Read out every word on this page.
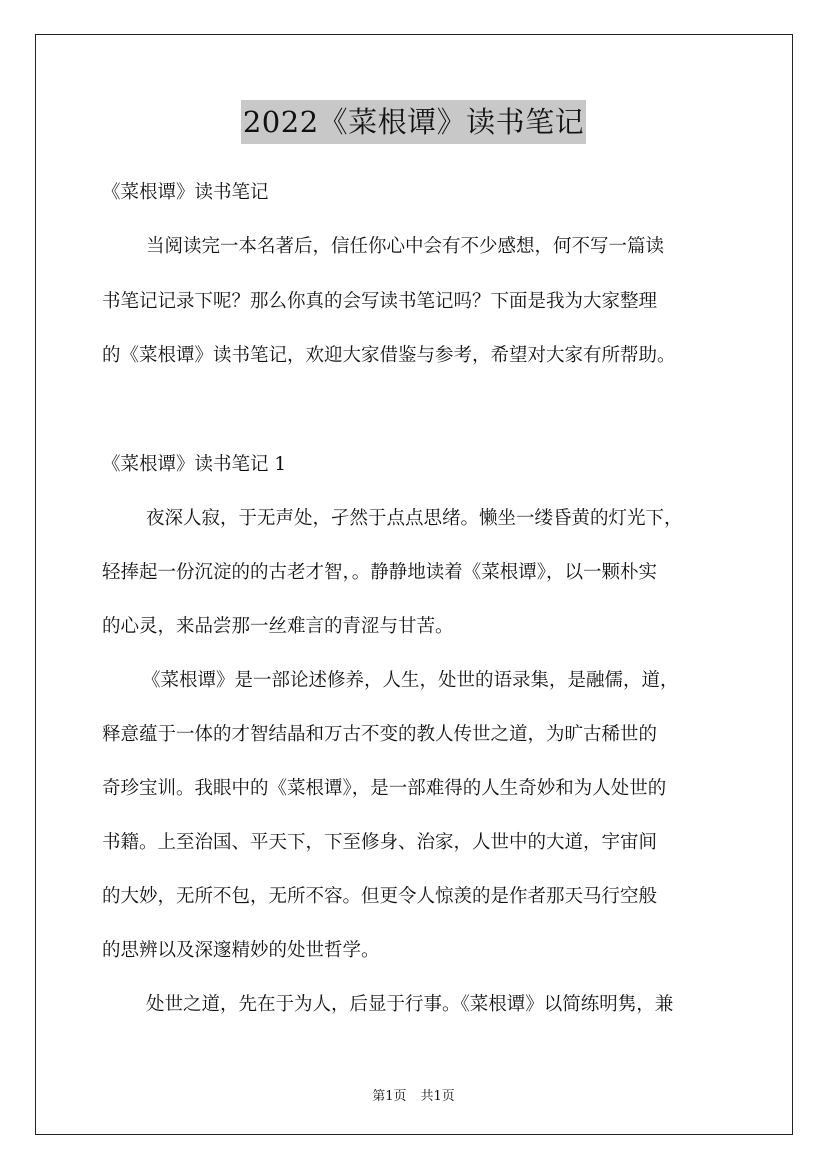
2022《菜根谭》读书笔记
《菜根谭》读书笔记
当阅读完一本名著后，信任你心中会有不少感想，何不写一篇读
书笔记记录下呢？那么你真的会写读书笔记吗？下面是我为大家整理
的《菜根谭》读书笔记，欢迎大家借鉴与参考，希望对大家有所帮助。
《菜根谭》读书笔记 1
夜深人寂，于无声处，孑然于点点思绪。懒坐一缕昏黄的灯光下，
轻捧起一份沉淀的的古老才智，。静静地读着《菜根谭》，以一颗朴实
的心灵，来品尝那一丝难言的青涩与甘苦。
《菜根谭》是一部论述修养，人生，处世的语录集，是融儒，道，
释意蕴于一体的才智结晶和万古不变的教人传世之道，为旷古稀世的
奇珍宝训。我眼中的《菜根谭》，是一部难得的人生奇妙和为人处世的
书籍。上至治国、平天下，下至修身、治家，人世中的大道，宇宙间
的大妙，无所不包，无所不容。但更令人惊羡的是作者那天马行空般
的思辨以及深邃精妙的处世哲学。
处世之道，先在于为人，后显于行事。《菜根谭》以简练明隽，兼
第1页 共1页
